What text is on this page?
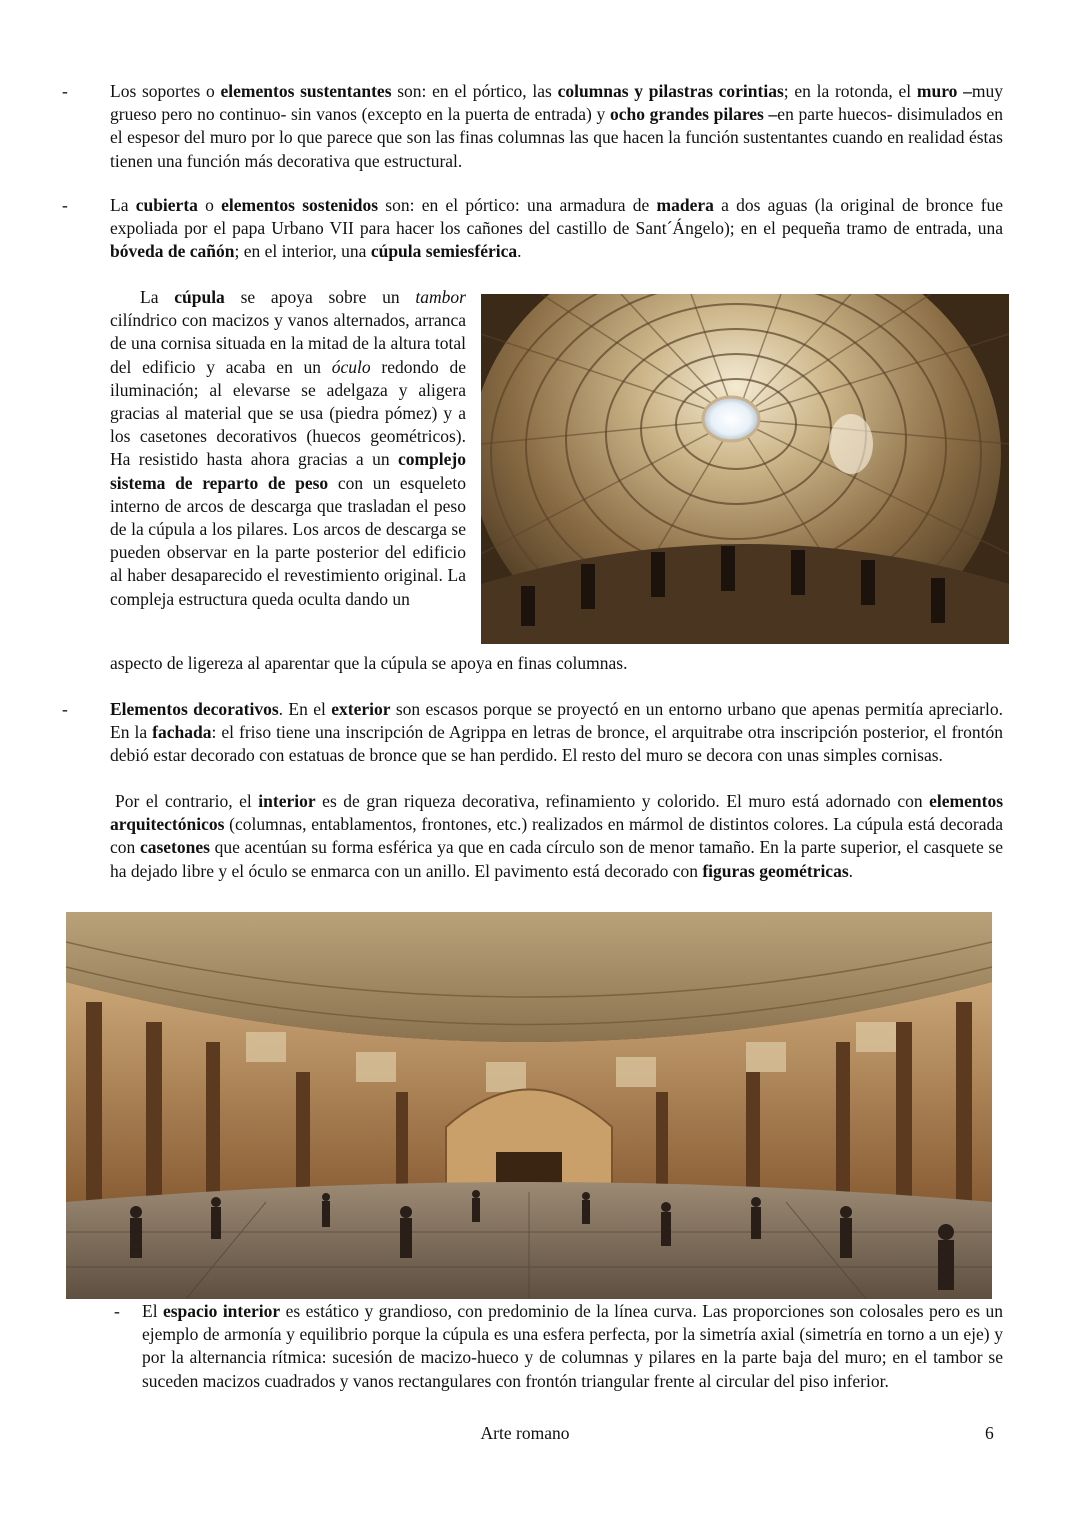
- Los soportes o elementos sustentantes son: en el pórtico, las columnas y pilastras corintias; en la rotonda, el muro –muy grueso pero no continuo- sin vanos (excepto en la puerta de entrada) y ocho grandes pilares –en parte huecos- disimulados en el espesor del muro por lo que parece que son las finas columnas las que hacen la función sustentantes cuando en realidad éstas tienen una función más decorativa que estructural.
- La cubierta o elementos sostenidos son: en el pórtico: una armadura de madera a dos aguas (la original de bronce fue expoliada por el papa Urbano VII para hacer los cañones del castillo de Sant´Ángelo); en el pequeña tramo de entrada, una bóveda de cañón; en el interior, una cúpula semiesférica.
La cúpula se apoya sobre un tambor cilíndrico con macizos y vanos alternados, arranca de una cornisa situada en la mitad de la altura total del edificio y acaba en un óculo redondo de iluminación; al elevarse se adelgaza y aligera gracias al material que se usa (piedra pómez) y a los casetones decorativos (huecos geométricos). Ha resistido hasta ahora gracias a un complejo sistema de reparto de peso con un esqueleto interno de arcos de descarga que trasladan el peso de la cúpula a los pilares. Los arcos de descarga se pueden observar en la parte posterior del edificio al haber desaparecido el revestimiento original. La compleja estructura queda oculta dando un
aspecto de ligereza al aparentar que la cúpula se apoya en finas columnas.
- Elementos decorativos. En el exterior son escasos porque se proyectó en un entorno urbano que apenas permitía apreciarlo. En la fachada: el friso tiene una inscripción de Agrippa en letras de bronce, el arquitrabe otra inscripción posterior, el frontón debió estar decorado con estatuas de bronce que se han perdido. El resto del muro se decora con unas simples cornisas.
Por el contrario, el interior es de gran riqueza decorativa, refinamiento y colorido. El muro está adornado con elementos arquitectónicos (columnas, entablamentos, frontones, etc.) realizados en mármol de distintos colores. La cúpula está decorada con casetones que acentúan su forma esférica ya que en cada círculo son de menor tamaño. En la parte superior, el casquete se ha dejado libre y el óculo se enmarca con un anillo. El pavimento está decorado con figuras geométricas.
- El espacio interior es estático y grandioso, con predominio de la línea curva. Las proporciones son colosales pero es un ejemplo de armonía y equilibrio porque la cúpula es una esfera perfecta, por la simetría axial (simetría en torno a un eje) y por la alternancia rítmica: sucesión de macizo-hueco y de columnas y pilares en la parte baja del muro; en el tambor se suceden macizos cuadrados y vanos rectangulares con frontón triangular frente al circular del piso inferior.
Arte romano	6
